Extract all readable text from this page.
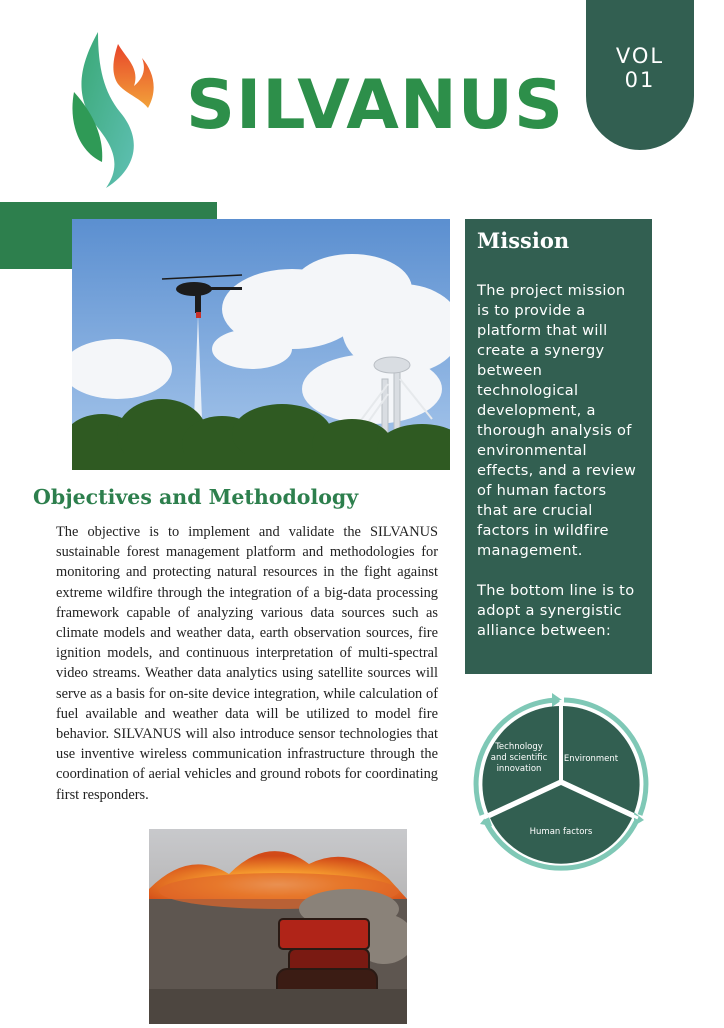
SILVANUS
VOL
01
Mission

The project mission is to provide a platform that will create a synergy between technological development, a thorough analysis of environmental effects, and a review of human factors that are crucial factors in wildfire management.

The bottom line is to adopt a synergistic alliance between:

Objectives and Methodology
The objective is to implement and validate the SILVANUS sustainable forest management platform and methodologies for monitoring and protecting natural resources in the fight against extreme wildfire through the integration of a big-data processing framework capable of analyzing various data sources such as climate models and weather data, earth observation sources, fire ignition models, and continuous interpretation of multi-spectral video streams. Weather data analytics using satellite sources will serve as a basis for on-site device integration, while calculation of fuel available and weather data will be utilized to model fire behavior. SILVANUS will also introduce sensor technologies that use inventive wireless communication infrastructure through the coordination of aerial vehicles and ground robots for coordinating first responders.
Technology
and scientific
innovation
Environment
Human factors
